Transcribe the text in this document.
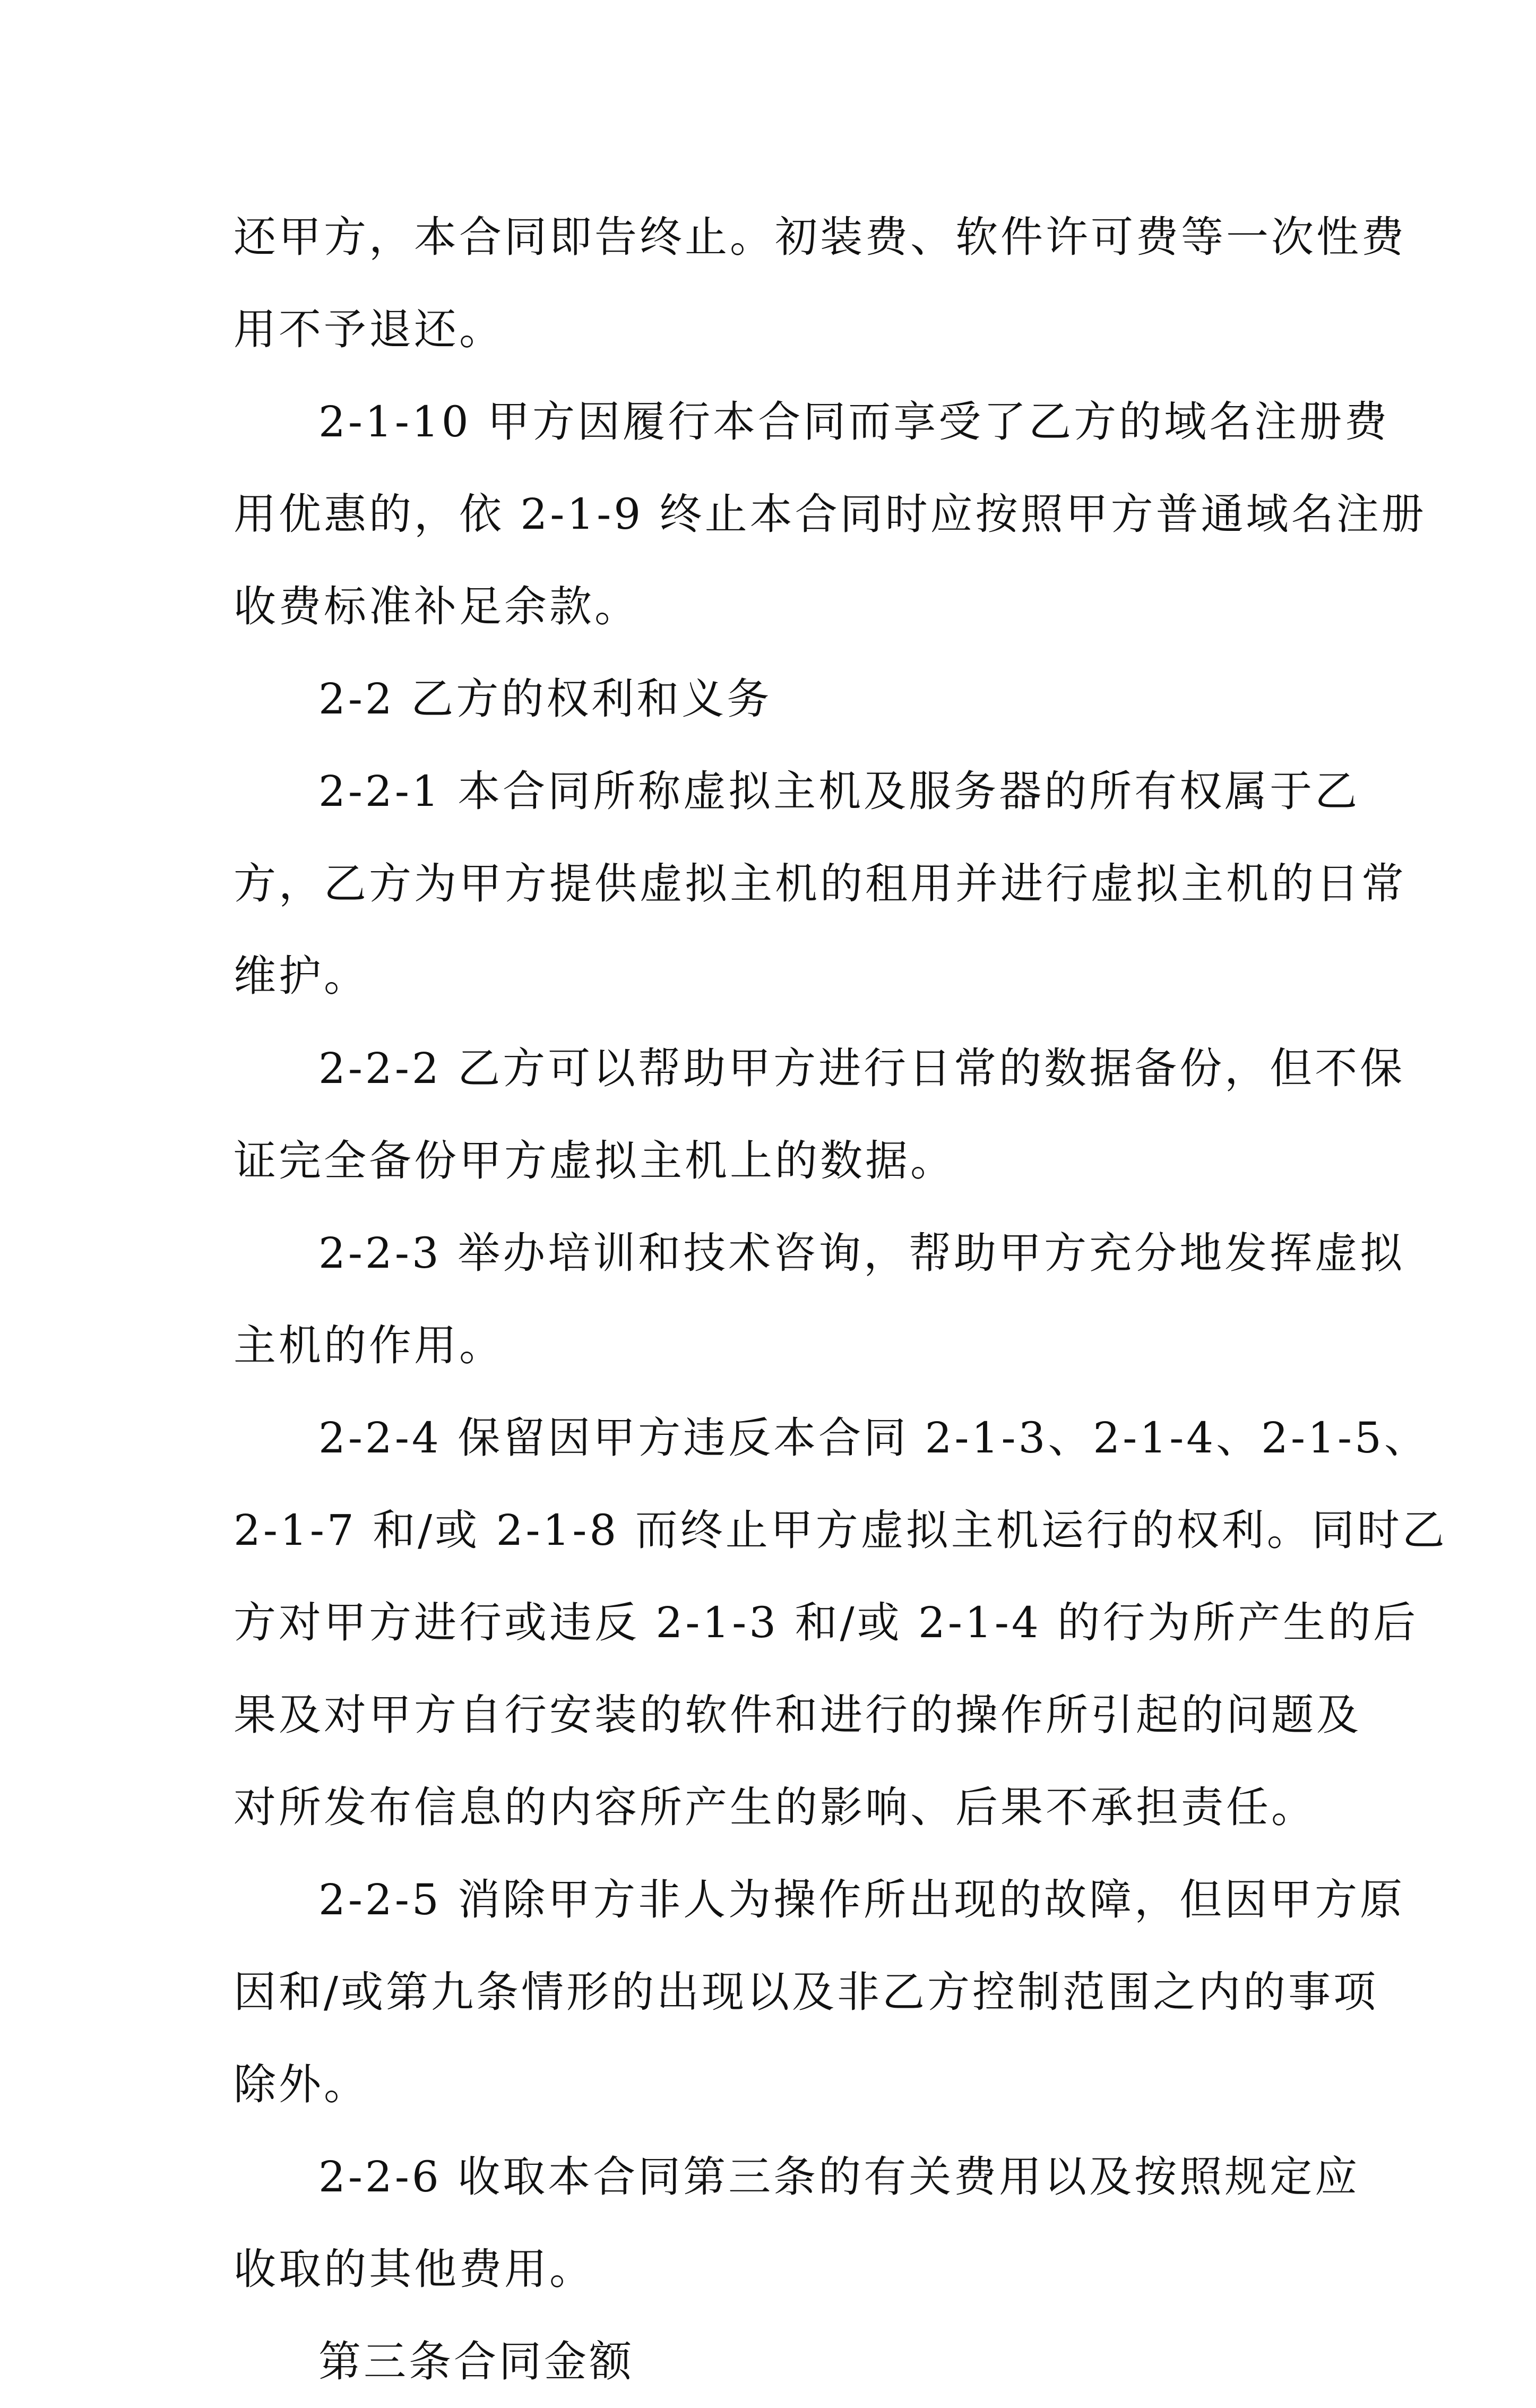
还甲方，本合同即告终止。初装费、软件许可费等一次性费
用不予退还。
2-1-10 甲方因履行本合同而享受了乙方的域名注册费
用优惠的，依 2-1-9 终止本合同时应按照甲方普通域名注册
收费标准补足余款。
2-2 乙方的权利和义务
2-2-1 本合同所称虚拟主机及服务器的所有权属于乙
方，乙方为甲方提供虚拟主机的租用并进行虚拟主机的日常
维护。
2-2-2 乙方可以帮助甲方进行日常的数据备份，但不保
证完全备份甲方虚拟主机上的数据。
2-2-3 举办培训和技术咨询，帮助甲方充分地发挥虚拟
主机的作用。
2-2-4 保留因甲方违反本合同 2-1-3、2-1-4、2-1-5、
2-1-7 和/或 2-1-8 而终止甲方虚拟主机运行的权利。同时乙
方对甲方进行或违反 2-1-3 和/或 2-1-4 的行为所产生的后
果及对甲方自行安装的软件和进行的操作所引起的问题及
对所发布信息的内容所产生的影响、后果不承担责任。
2-2-5 消除甲方非人为操作所出现的故障，但因甲方原
因和/或第九条情形的出现以及非乙方控制范围之内的事项
除外。
2-2-6 收取本合同第三条的有关费用以及按照规定应
收取的其他费用。
第三条合同金额
